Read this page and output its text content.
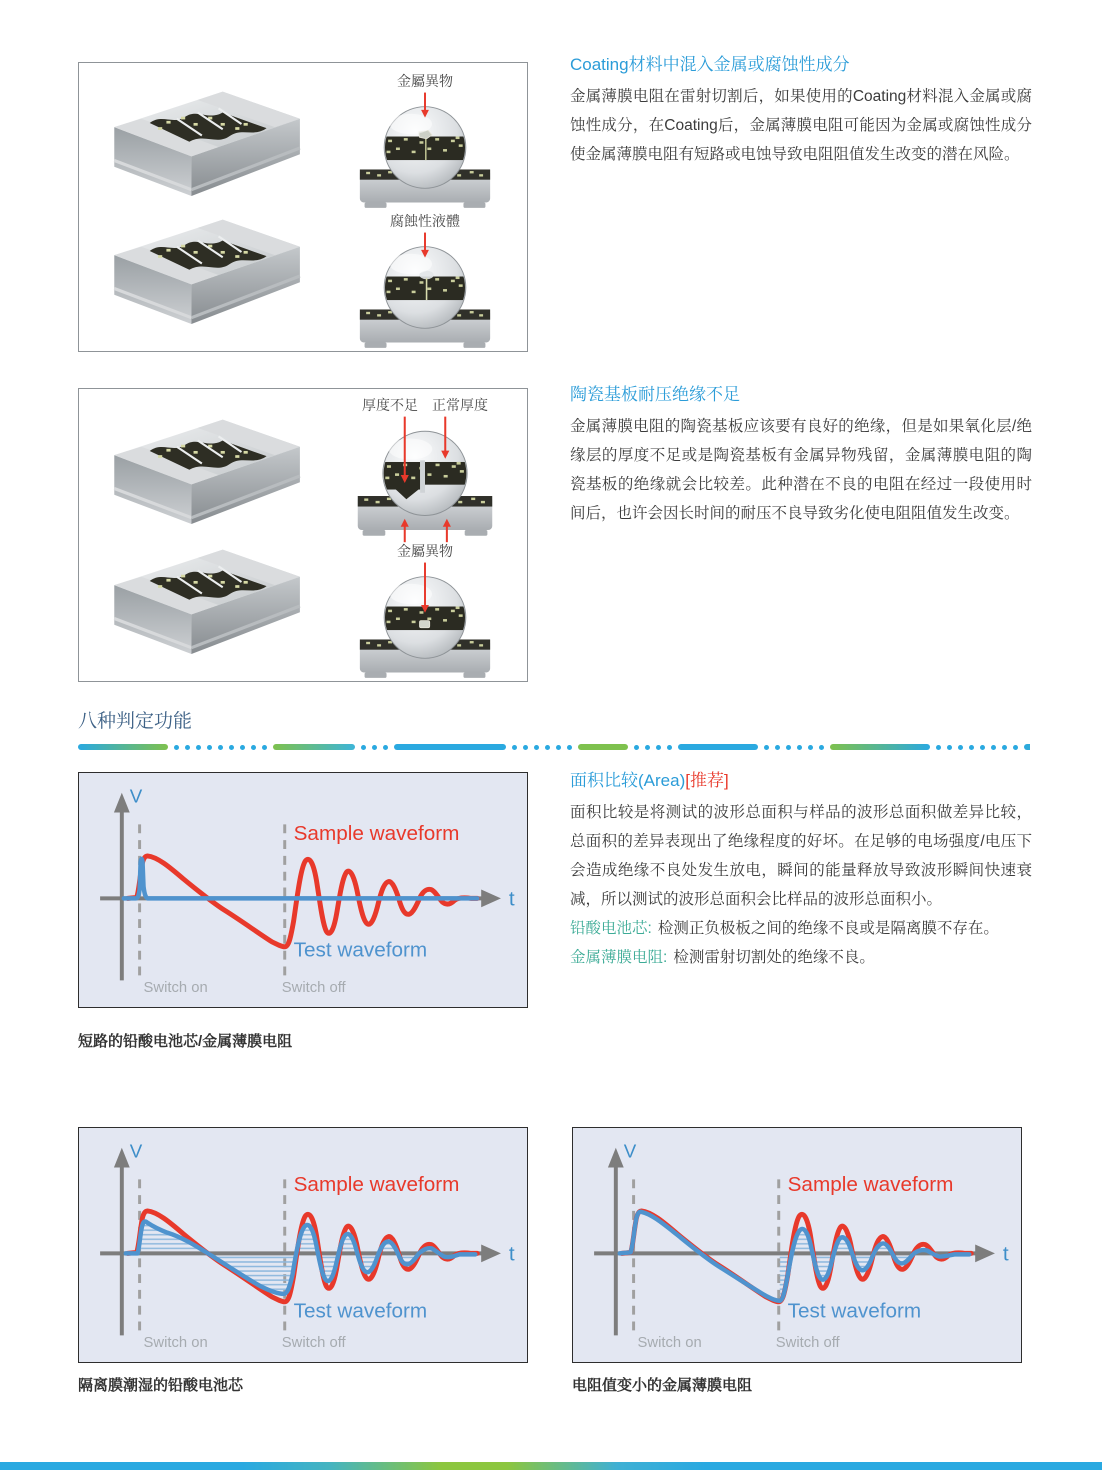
金屬異物
腐蝕性液體
Coating材料中混入金属或腐蚀性成分
金属薄膜电阻在雷射切割后，如果使用的Coating材料混入金属或腐蚀性成分，在Coating后，金属薄膜电阻可能因为金属或腐蚀性成分使金属薄膜电阻有短路或电蚀导致电阻阻值发生改变的潜在风险。
厚度不足 正常厚度
金屬異物
陶瓷基板耐压绝缘不足
金属薄膜电阻的陶瓷基板应该要有良好的绝缘，但是如果氧化层/绝缘层的厚度不足或是陶瓷基板有金属异物残留，金属薄膜电阻的陶瓷基板的绝缘就会比较差。此种潜在不良的电阻在经过一段使用时间后，也许会因长时间的耐压不良导致劣化使电阻阻值发生改变。
八种判定功能
V
t
Sample waveform
Test waveform
Switch on	Switch off
短路的铅酸电池芯/金属薄膜电阻
面积比较(Area)[推荐]
面积比较是将测试的波形总面积与样品的波形总面积做差异比较，总面积的差异表现出了绝缘程度的好坏。在足够的电场强度/电压下会造成绝缘不良处发生放电，瞬间的能量释放导致波形瞬间快速衰减，所以测试的波形总面积会比样品的波形总面积小。
铅酸电池芯: 检测正负极板之间的绝缘不良或是隔离膜不存在。
金属薄膜电阻: 检测雷射切割处的绝缘不良。
V
t
Sample waveform
Test waveform
Switch on	Switch off
隔离膜潮湿的铅酸电池芯
V
t
Sample waveform
Test waveform
Switch on	Switch off
电阻值变小的金属薄膜电阻
